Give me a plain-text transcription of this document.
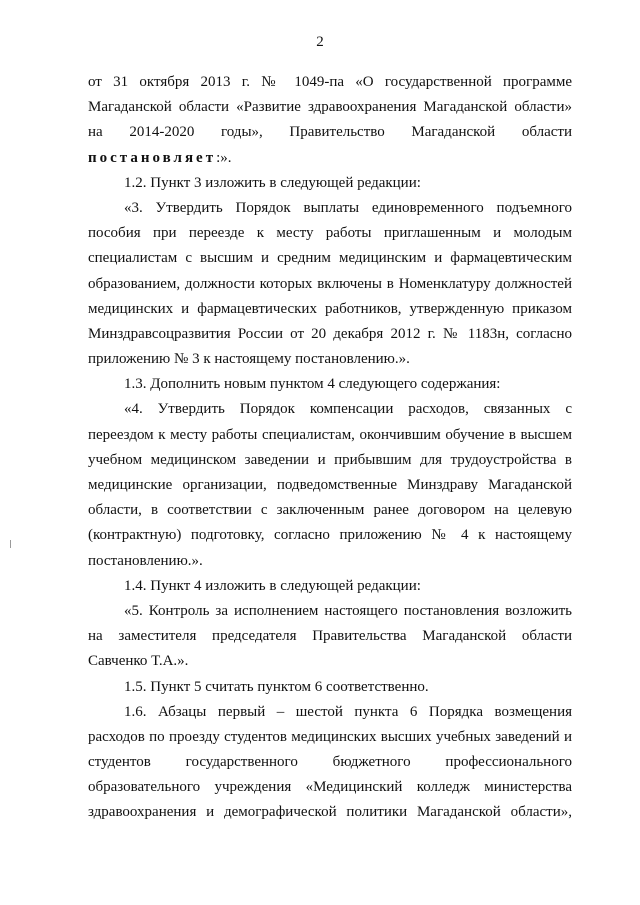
2

от 31 октября 2013 г. № 1049-па «О государственной программе
Магаданской области «Развитие здравоохранения Магаданской области»
на 2014-2020 годы», Правительство Магаданской области
постановляет:».

1.2. Пункт 3 изложить в следующей редакции:

«3. Утвердить Порядок выплаты единовременного подъемного
пособия при переезде к месту работы приглашенным и молодым
специалистам с высшим и средним медицинским и фармацевтическим
образованием, должности которых включены в Номенклатуру должностей
медицинских и фармацевтических работников, утвержденную приказом
Минздравсоцразвития России от 20 декабря 2012 г. № 1183н, согласно
приложению № 3 к настоящему постановлению.».

1.3. Дополнить новым пунктом 4 следующего содержания:

«4. Утвердить Порядок компенсации расходов, связанных с
переездом к месту работы специалистам, окончившим обучение в высшем
учебном медицинском заведении и прибывшим для трудоустройства в
медицинские организации, подведомственные Минздраву Магаданской
области, в соответствии с заключенным ранее договором на целевую
(контрактную) подготовку, согласно приложению № 4 к настоящему
постановлению.».

1.4. Пункт 4 изложить в следующей редакции:

«5. Контроль за исполнением настоящего постановления возложить
на заместителя председателя Правительства Магаданской области
Савченко Т.А.».

1.5. Пункт 5 считать пунктом 6 соответственно.

1.6. Абзацы первый – шестой пункта 6 Порядка возмещения
расходов по проезду студентов медицинских высших учебных заведений и
студентов государственного бюджетного профессионального
образовательного учреждения «Медицинский колледж министерства
здравоохранения и демографической политики Магаданской области»,
